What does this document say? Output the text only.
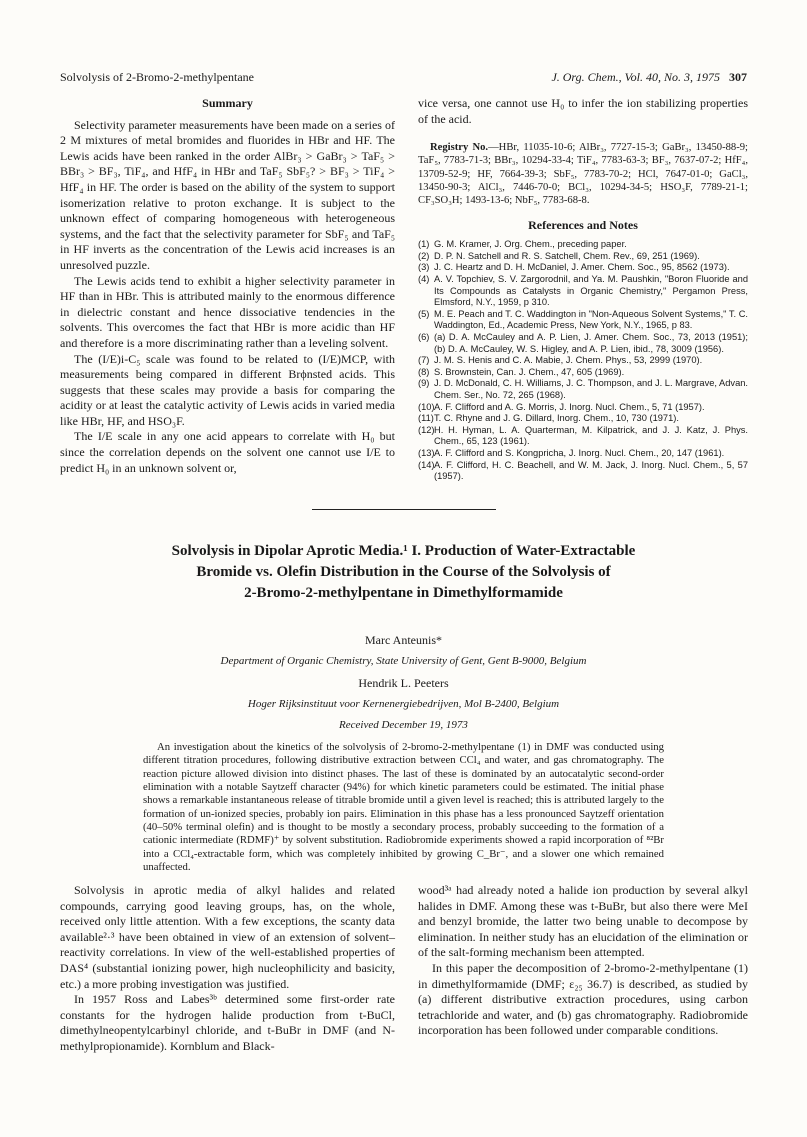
Solvolysis of 2-Bromo-2-methylpentane	J. Org. Chem., Vol. 40, No. 3, 1975 307
Summary

Selectivity parameter measurements have been made on a series of 2 M mixtures of metal bromides and fluorides in HBr and HF. The Lewis acids have been ranked in the order AlBr₃ > GaBr₃ > TaF₅ > BBr₃ > BF₃, TiF₄, and HfF₄ in HBr and TaF₅ SbF₅? > BF₃ > TiF₄ > HfF₄ in HF. The order is based on the ability of the system to support isomerization relative to proton exchange. It is subject to the unknown effect of comparing homogeneous with heterogeneous systems, and the fact that the selectivity parameter for SbF₅ and TaF₅ in HF inverts as the concentration of the Lewis acid increases is an unresolved puzzle.

The Lewis acids tend to exhibit a higher selectivity parameter in HF than in HBr. This is attributed mainly to the enormous difference in dielectric constant and hence dissociative tendencies in the solvents. This overcomes the fact that HBr is more acidic than HF and therefore is a more discriminating rather than a leveling solvent.

The (I/E)i-C₅ scale was found to be related to (I/E)MCP, with measurements being compared in different Brϕnsted acids. This suggests that these scales may provide a basis for comparing the acidity or at least the catalytic activity of Lewis acids in varied media like HBr, HF, and HSO₃F.

The I/E scale in any one acid appears to correlate with H₀ but since the correlation depends on the solvent one cannot use I/E to predict H₀ in an unknown solvent or,

vice versa, one cannot use H₀ to infer the ion stabilizing properties of the acid.

Registry No.—HBr, 11035-10-6; AlBr₃, 7727-15-3; GaBr₃, 13450-88-9; TaF₅, 7783-71-3; BBr₃, 10294-33-4; TiF₄, 7783-63-3; BF₃, 7637-07-2; HfF₄, 13709-52-9; HF, 7664-39-3; SbF₅, 7783-70-2; HCl, 7647-01-0; GaCl₃, 13450-90-3; AlCl₃, 7446-70-0; BCl₃, 10294-34-5; HSO₃F, 7789-21-1; CF₃SO₃H; 1493-13-6; NbF₅, 7783-68-8.
References and Notes
(1) G. M. Kramer, J. Org. Chem., preceding paper.
(2) D. P. N. Satchell and R. S. Satchell, Chem. Rev., 69, 251 (1969).
(3) J. C. Heartz and D. H. McDaniel, J. Amer. Chem. Soc., 95, 8562 (1973).
(4) A. V. Topchiev, S. V. Zargorodnil, and Ya. M. Paushkin, "Boron Fluoride and Its Compounds as Catalysts in Organic Chemistry," Pergamon Press, Elmsford, N.Y., 1959, p 310.
(5) M. E. Peach and T. C. Waddington in "Non-Aqueous Solvent Systems," T. C. Waddington, Ed., Academic Press, New York, N.Y., 1965, p 83.
(6) (a) D. A. McCauley and A. P. Lien, J. Amer. Chem. Soc., 73, 2013 (1951); (b) D. A. McCauley, W. S. Higley, and A. P. Lien, ibid., 78, 3009 (1956).
(7) J. M. S. Henis and C. A. Mabie, J. Chem. Phys., 53, 2999 (1970).
(8) S. Brownstein, Can. J. Chem., 47, 605 (1969).
(9) J. D. McDonald, C. H. Williams, J. C. Thompson, and J. L. Margrave, Advan. Chem. Ser., No. 72, 265 (1968).
(10) A. F. Clifford and A. G. Morris, J. Inorg. Nucl. Chem., 5, 71 (1957).
(11) T. C. Rhyne and J. G. Dillard, Inorg. Chem., 10, 730 (1971).
(12) H. H. Hyman, L. A. Quarterman, M. Kilpatrick, and J. J. Katz, J. Phys. Chem., 65, 123 (1961).
(13) A. F. Clifford and S. Kongpricha, J. Inorg. Nucl. Chem., 20, 147 (1961).
(14) A. F. Clifford, H. C. Beachell, and W. M. Jack, J. Inorg. Nucl. Chem., 5, 57 (1957).
Solvolysis in Dipolar Aprotic Media.¹ I. Production of Water-Extractable
Bromide vs. Olefin Distribution in the Course of the Solvolysis of
2-Bromo-2-methylpentane in Dimethylformamide
Marc Anteunis*
Department of Organic Chemistry, State University of Gent, Gent B-9000, Belgium
Hendrik L. Peeters
Hoger Rijksinstituut voor Kernenergiebedrijven, Mol B-2400, Belgium
Received December 19, 1973

An investigation about the kinetics of the solvolysis of 2-bromo-2-methylpentane (1) in DMF was conducted using different titration procedures, following distributive extraction between CCl₄ and water, and gas chromatography. The reaction picture allowed division into distinct phases. The last of these is dominated by an autocatalytic second-order elimination with a notable Saytzeff character (94%) for which kinetic parameters could be estimated. The initial phase shows a remarkable instantaneous release of titrable bromide until a given level is reached; this is attributed largely to the formation of un-ionized species, probably ion pairs. Elimination in this phase has a less pronounced Saytzeff orientation (40–50% terminal olefin) and is thought to be mostly a secondary process, probably succeeding to the formation of a cationic intermediate (RDMF)⁺ by solvent substitution. Radiobromide experiments showed a rapid incorporation of ⁸²Br into a CCl₄-extractable form, which was completely inhibited by growing C_Br⁻, and a slower one which remained unaffected.

Solvolysis in aprotic media of alkyl halides and related compounds, carrying good leaving groups, has, on the whole, received only little attention. With a few exceptions, the scanty data available²·³ have been obtained in view of an extension of solvent–reactivity correlations. In view of the well-established properties of DAS⁴ (substantial ionizing power, high nucleophilicity and basicity, etc.) a more probing investigation was justified.

In 1957 Ross and Labes³ᵇ determined some first-order rate constants for the hydrogen halide production from t-BuCl, dimethylneopentylcarbinyl chloride, and t-BuBr in DMF (and N-methylpropionamide). Kornblum and Black-

wood³ᵃ had already noted a halide ion production by several alkyl halides in DMF. Among these was t-BuBr, but also there were MeI and benzyl bromide, the latter two being unable to decompose by elimination. In neither study has an elucidation of the elimination or of the salt-forming mechanism been attempted.

In this paper the decomposition of 2-bromo-2-methylpentane (1) in dimethylformamide (DMF; ε₂₅ 36.7) is described, as studied by (a) different distributive extraction procedures, using carbon tetrachloride and water, and (b) gas chromatography. Radiobromide incorporation has been followed under comparable conditions.
